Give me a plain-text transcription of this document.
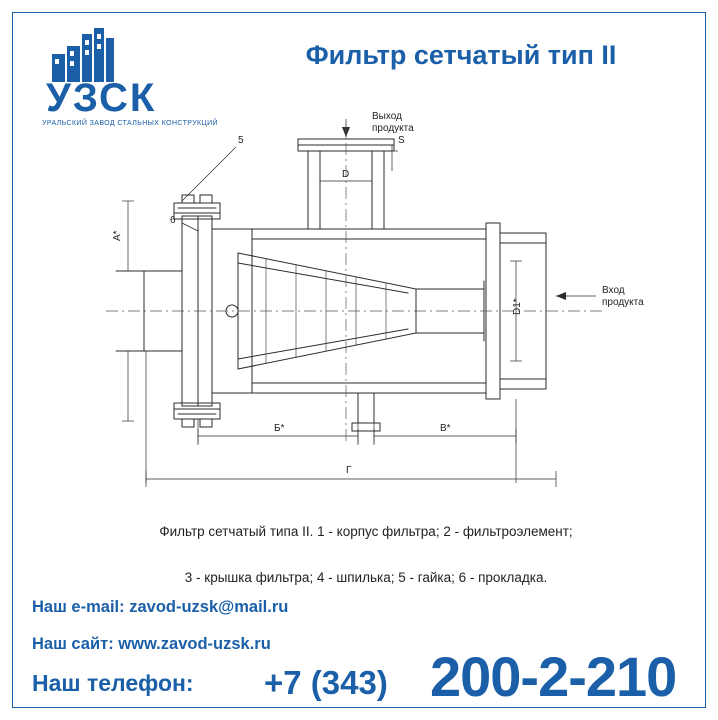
УЗСК
УРАЛЬСКИЙ ЗАВОД СТАЛЬНЫХ КОНСТРУКЦИЙ
Фильтр сетчатый тип II
Выход
продукта
Вход
продукта
D
D1*
S
А*
Б*	В*
Г
5
6
Фильтр сетчатый типа II. 1 - корпус фильтра; 2 - фильтроэлемент;
3 - крышка фильтра; 4 - шпилька; 5 - гайка; 6 - прокладка.
Наш e-mail: zavod-uzsk@mail.ru
Наш сайт: www.zavod-uzsk.ru
Наш телефон: +7 (343) 200-2-210
